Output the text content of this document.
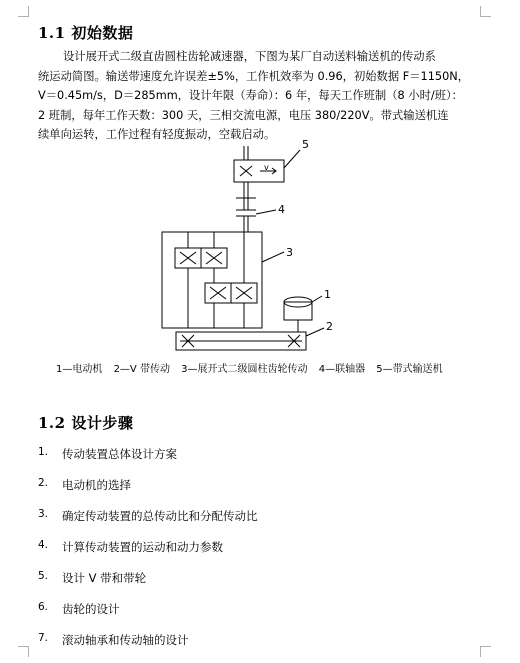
1.1 初始数据
设计展开式二级直齿圆柱齿轮减速器，下图为某厂自动送料输送机的传动系
统运动简图。输送带速度允许误差±5%，工作机效率为 0.96，初始数据 F＝1150N，
V＝0.45m/s，D＝285mm，设计年限（寿命）：6 年，每天工作班制（8 小时/班）：
2 班制，每年工作天数：300 天，三相交流电源，电压 380/220V。带式输送机连
续单向运转，工作过程有轻度振动，空载启动。
5
4
3
1
2
v
1—电动机 2—V 带传动 3—展开式二级圆柱齿轮传动 4—联轴器 5—带式输送机
1.2 设计步骤
1. 传动装置总体设计方案
2. 电动机的选择
3. 确定传动装置的总传动比和分配传动比
4. 计算传动装置的运动和动力参数
5. 设计 V 带和带轮
6. 齿轮的设计
7. 滚动轴承和传动轴的设计
